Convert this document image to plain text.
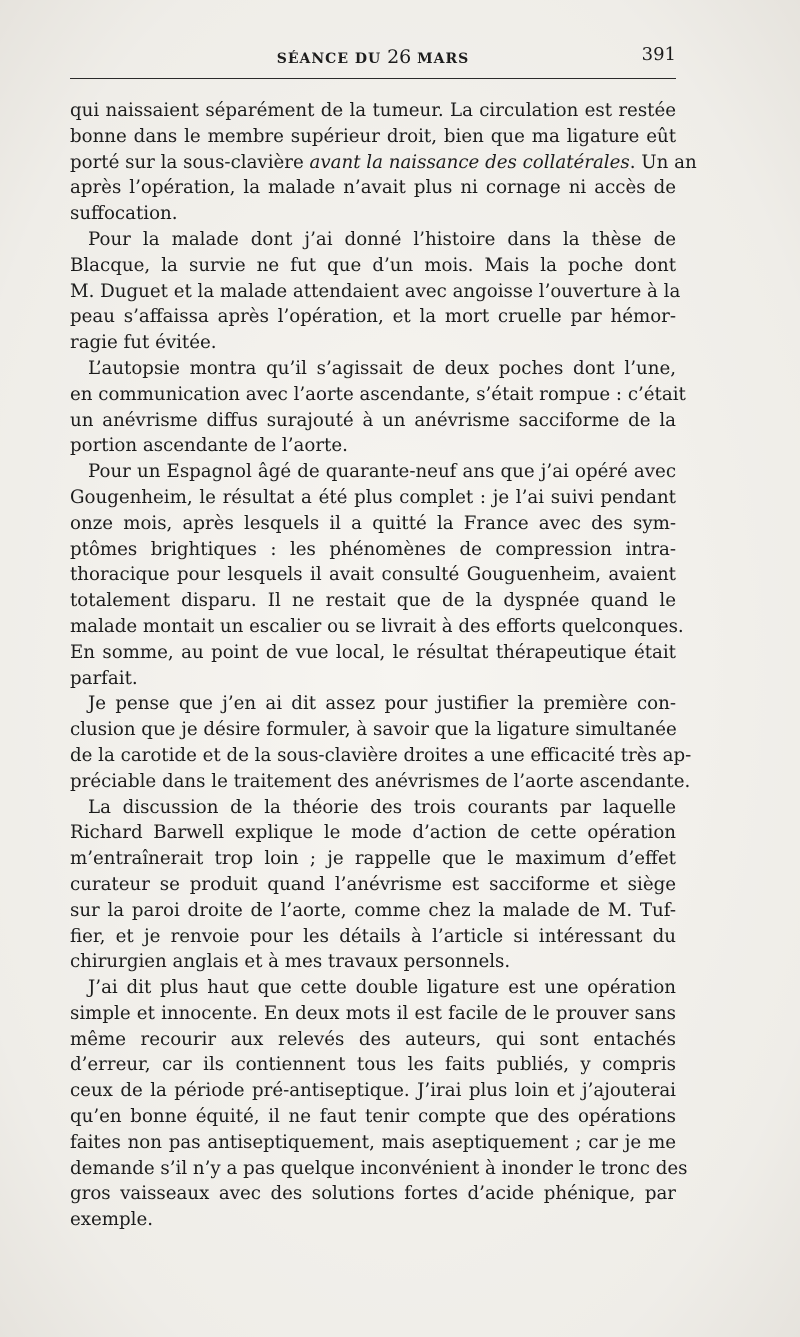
SÉANCE DU 26 MARS	391
qui naissaient séparément de la tumeur. La circulation est restée
bonne dans le membre supérieur droit, bien que ma ligature eût
porté sur la sous-clavière avant la naissance des collatérales. Un an
après l’opération, la malade n’avait plus ni cornage ni accès de
suffocation.
Pour la malade dont j’ai donné l’histoire dans la thèse de
Blacque, la survie ne fut que d’un mois. Mais la poche dont
M. Duguet et la malade attendaient avec angoisse l’ouverture à la
peau s’affaissa après l’opération, et la mort cruelle par hémor-
ragie fut évitée.
L’autopsie montra qu’il s’agissait de deux poches dont l’une,
en communication avec l’aorte ascendante, s’était rompue : c’était
un anévrisme diffus surajouté à un anévrisme sacciforme de la
portion ascendante de l’aorte.
Pour un Espagnol âgé de quarante-neuf ans que j’ai opéré avec
Gougenheim, le résultat a été plus complet : je l’ai suivi pendant
onze mois, après lesquels il a quitté la France avec des sym-
ptômes brightiques : les phénomènes de compression intra-
thoracique pour lesquels il avait consulté Gouguenheim, avaient
totalement disparu. Il ne restait que de la dyspnée quand le
malade montait un escalier ou se livrait à des efforts quelconques.
En somme, au point de vue local, le résultat thérapeutique était
parfait.
Je pense que j’en ai dit assez pour justifier la première con-
clusion que je désire formuler, à savoir que la ligature simultanée
de la carotide et de la sous-clavière droites a une efficacité très ap-
préciable dans le traitement des anévrismes de l’aorte ascendante.
La discussion de la théorie des trois courants par laquelle
Richard Barwell explique le mode d’action de cette opération
m’entraînerait trop loin ; je rappelle que le maximum d’effet
curateur se produit quand l’anévrisme est sacciforme et siège
sur la paroi droite de l’aorte, comme chez la malade de M. Tuf-
fier, et je renvoie pour les détails à l’article si intéressant du
chirurgien anglais et à mes travaux personnels.
J’ai dit plus haut que cette double ligature est une opération
simple et innocente. En deux mots il est facile de le prouver sans
même recourir aux relevés des auteurs, qui sont entachés
d’erreur, car ils contiennent tous les faits publiés, y compris
ceux de la période pré-antiseptique. J’irai plus loin et j’ajouterai
qu’en bonne équité, il ne faut tenir compte que des opérations
faites non pas antiseptiquement, mais aseptiquement ; car je me
demande s’il n’y a pas quelque inconvénient à inonder le tronc des
gros vaisseaux avec des solutions fortes d’acide phénique, par
exemple.
